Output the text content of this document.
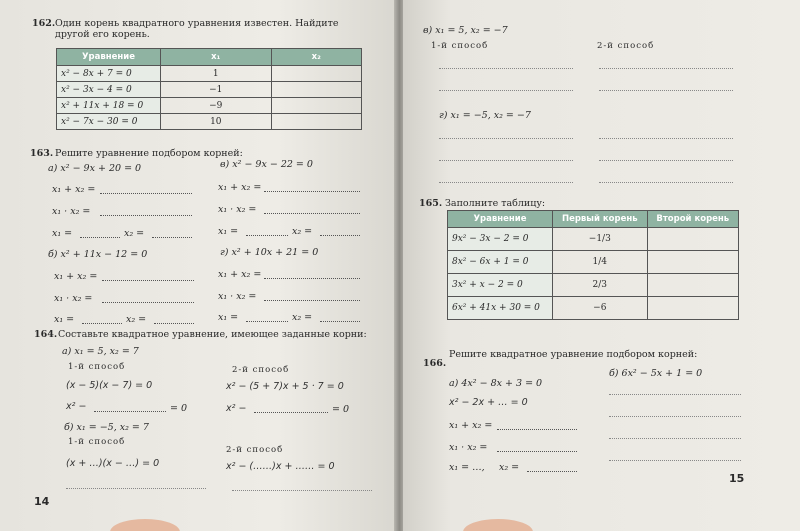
162. Один корень квадратного уравнения известен. Найдите другой его корень.
Уравнение	x₁	x₂
x² − 8x + 7 = 0	1	
x² − 3x − 4 = 0	−1	
x² + 11x + 18 = 0	−9	
x² − 7x − 30 = 0	10	
163. Решите уравнение подбором корней:
а) x² − 9x + 20 = 0	в) x² − 9x − 22 = 0
x₁ + x₂ =	x₁ + x₂ =
x₁ · x₂ =	x₁ · x₂ =
x₁ =	x₂ =	x₁ =	x₂ =
б) x² + 11x − 12 = 0	г) x² + 10x + 21 = 0
x₁ + x₂ =	x₁ + x₂ =
x₁ · x₂ =	x₁ · x₂ =
x₁ =	x₂ =	x₁ =	x₂ =
164. Составьте квадратное уравнение, имеющее заданные корни:
а) x₁ = 5, x₂ = 7
1-й способ	2-й способ
(x − 5)(x − 7) = 0	x² − (5 + 7)x + 5 · 7 = 0
x² −	= 0	x² −	= 0
б) x₁ = −5, x₂ = 7
1-й способ
2-й способ
(x + …)(x − …) = 0	x² − (……)x + …… = 0
14
в) x₁ = 5, x₂ = −7
1-й способ	2-й способ
г) x₁ = −5, x₂ = −7
165. Заполните таблицу:
Уравнение	Первый корень	Второй корень
9x² − 3x − 2 = 0	−1/3	
8x² − 6x + 1 = 0	1/4	
3x² + x − 2 = 0	2/3	
6x² + 41x + 30 = 0	−6	
166.
Решите квадратное уравнение подбором корней:
а) 4x² − 8x + 3 = 0
б) 6x² − 5x + 1 = 0
x² − 2x + … = 0
x₁ + x₂ =
x₁ · x₂ =
x₁ = …, x₂ =
15
